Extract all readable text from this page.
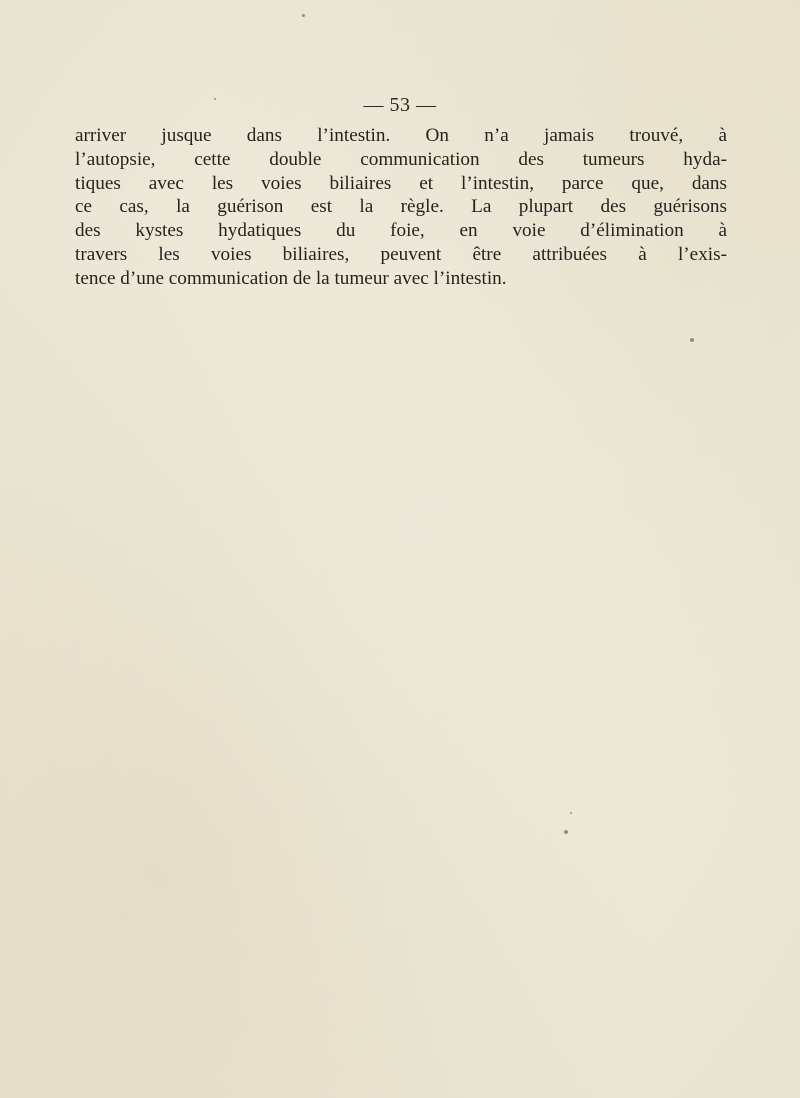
— 53 —
arriver jusque dans l’intestin. On n’a jamais trouvé, à
l’autopsie, cette double communication des tumeurs hyda-
tiques avec les voies biliaires et l’intestin, parce que, dans
ce cas, la guérison est la règle. La plupart des guérisons
des kystes hydatiques du foie, en voie d’élimination à
travers les voies biliaires, peuvent être attribuées à l’exis-
tence d’une communication de la tumeur avec l’intestin.
